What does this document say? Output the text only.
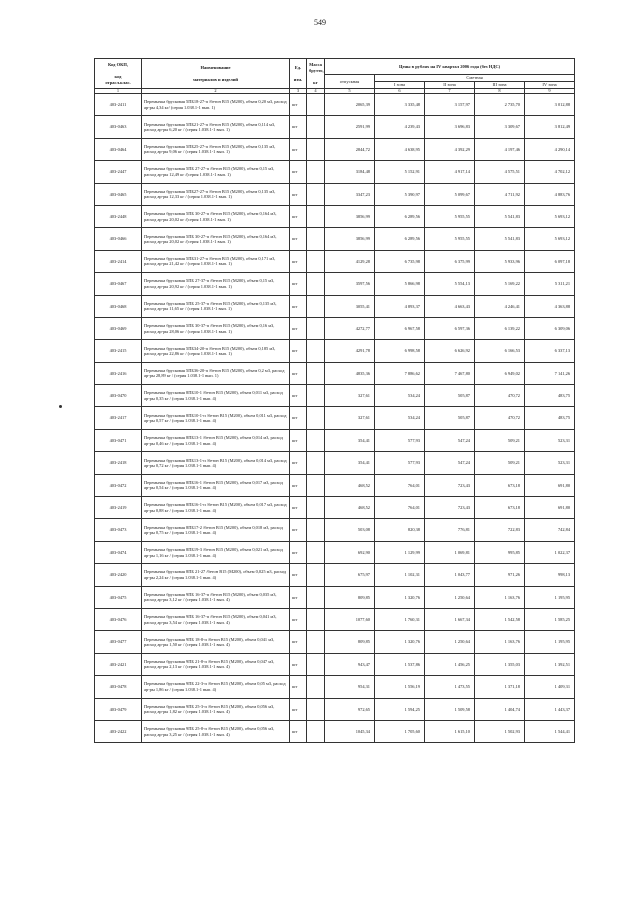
549
Код ОКП,

код
отрасл.клас.	Наименование

материалов и изделий	Ед.

изм.	Масса
брутто,

кг	Цены в рублях на IV квартал 2006 года (без НДС)				
				отпускная	Сметная			
					I зона	II зона	III зона	IV зона
1	2	3	4	5	6	7	8	9
403-2411	Перемычка брусковая 5ПБ18-27-п /бетон В15 (М200), объем 0,20 м3, расход ар-ры 4,34 кг/ (серия 1.038.1-1 вып. 1)	шт		2065,39	3 335,48	3 157,97	2 735,70	3 012,88
403-0463	Перемычка брусковая 5ПБ21-27-п /бетон В15 (М200), объем 0,114 м3, расход ар-ры 6,20 кг / (серия 1.038.1-1 вып. 1)	шт		2591,99	4 239,43	3 696,83	3 309,67	3 812,49
403-0464	Перемычка брусковая 5ПБ25-27-п /бетон В15 (М200), объем 0,135 м3, расход ар-ры 9,06 кг / (серия 1.038.1-1 вып. 1)	шт		2844,72	4 638,95	4 392,29	4 197,46	4 290,14
403-2447	Перемычка брусковая 5ПБ 27-27-п /бетон В15 (М200), объем 0,15 м3, расход ар-ры 12,49 кг /(серия 1.038.1-1 вып. 1)	шт		3184,48	5 152,91	4 917,14	4 575,51	4 702,12
403-0465	Перемычка брусковая 5ПБ27-27-п /бетон В15 (М200), объем 0,135 м3, расход ар-ры 12,33 кг / (серия 1.038.1-1 вып. 1)	шт		3347,23	5 390,97	5 099,67	4 711,92	4 883,76
403-2448	Перемычка брусковая 5ПБ 30-27-п /бетон В15 (М200), объем 0,164 м3, расход ар-ры 20,02 кг /(серия 1.038.1-1 вып. 1)	шт		3856,99	6 289,56	5 955,55	5 541,83	5 693,12
403-0466	Перемычка брусковая 5ПБ 30-27-п /бетон В15 (М200), объем 0,164 м3, расход ар-ры 20,02 кг /(серия 1.038.1-1 вып. 1)	шт		3856,99	6 289,56	5 955,55	5 541,83	5 693,12
403-2414	Перемычка брусковая 5ПБ31-27-п /бетон В15 (М200), объем 0,171 м3, расход ар-ры 21,42 кг / (серия 1.038.1-1 вып. 1)	шт		4129,28	6 735,98	6 375,99	5 933,96	6 097,18
403-0467	Перемычка брусковая 5ПБ 27-37-п /бетон В15 (М200), объем 0,15 м3, расход ар-ры 20,92 кг / (серия 1.038.1-1 вып. 1)	шт		3597,56	5 866,98	5 554,13	5 169,22	5 311,21
403-0468	Перемычка брусковая 5ПБ 25-37-п /бетон В15 (М200), объем 0,135 м3, расход ар-ры 11,65 кг / (серия 1.038.1-1 вып. 1)	шт		3055,41	4 893,37	4 663,43	4 246,41	4 363,88
403-0469	Перемычка брусковая 5ПБ 30-37-п /бетон В15 (М200), объем 0,16 м3, расход ар-ры 28,06 кг / (серия 1.038.1-1 вып. 1)	шт		4272,77	6 967,58	6 597,36	6 139,22	6 309,06
403-2415	Перемычка брусковая 5ПБ34-20-п /бетон В15 (М200), объем 0,185 м3, расход ар-ры 22,86 кг / (серия 1.038.1-1 вып. 1)	шт		4291,78	6 998,58	6 626,92	6 166,53	6 337,13
403-2416	Перемычка брусковая 5ПБ36-20-п /бетон В15 (М200), объем 0,2 м3, расход ар-ры 28,89 кг / (серия 1.038.1-1 вып. 1)	шт		4835,36	7 886,62	7 467,80	6 949,02	7 141,26
403-0470	Перемычка брусковая 8ПБ10-1 /бетон В15 (М200), объем 0,011 м3, расход ар-ры 0,35 кг / (серия 1.038.1-1 вып. 4)	шт		327,61	534,24	505,87	470,72	483,75
403-2417	Перемычка брусковая 8ПБ10-1-п /бетон В15 (М200), объем 0,011 м3, расход ар-ры 0,57 кг / (серия 1.038.1-1 вып. 4)	шт		327,61	534,24	505,87	470,72	483,75
403-0471	Перемычка брусковая 8ПБ13-1 /бетон В15 (М200), объем 0,014 м3, расход ар-ры 0,46 кг / (серия 1.038.1-1 вып. 4)	шт		354,41	577,93	547,24	509,21	523,31
403-2418	Перемычка брусковая 8ПБ13-1-п /бетон В15 (М200), объем 0,014 м3, расход ар-ры 0,72 кг / (серия 1.038.1-1 вып. 4)	шт		354,41	577,93	547,24	509,21	523,31
403-0472	Перемычка брусковая 8ПБ16-1 /бетон В15 (М200), объем 0,017 м3, расход ар-ры 0,54 кг / (серия 1.038.1-1 вып. 4)	шт		468,52	764,01	723,43	673,18	691,80
403-2419	Перемычка брусковая 8ПБ16-1-п /бетон В15 (М200), объем 0,017 м3, расход ар-ры 0,88 кг / (серия 1.038.1-1 вып. 4)	шт		468,52	764,01	723,43	673,18	691,80
403-0473	Перемычка брусковая 8ПБ17-2 /бетон В15 (М200), объем 0,018 м3, расход ар-ры 0,75 кг / (серия 1.038.1-1 вып. 4)	шт		503,08	820,38	776,81	722,83	742,84
403-0474	Перемычка брусковая 8ПБ19-3 /бетон В15 (М200), объем 0,021 м3, расход ар-ры 1,16 кг / (серия 1.038.1-1 вып. 4)	шт		692,90	1 129,99	1 069,81	995,85	1 022,37
403-2420	Перемычка брусковая 8ПБ 21-27 /бетон В15 (М200), объем 0,025 м3, расход ар-ры 2,24 кг / (серия 1.038.1-1 вып. 4)	шт		675,97	1 102,31	1 043,77	971,26	998,13
403-0475	Перемычка брусковая 9ПБ 16-37-п /бетон В15 (М200), объем 0,035 м3, расход ар-ры 3,12 кг / (серия 1.038.1-1 вып. 4)	шт		809,85	1 320,76	1 250,64	1 163,76	1 195,95
403-0476	Перемычка брусковая 9ПБ 16-37-п /бетон В15 (М200), объем 0,041 м3, расход ар-ры 3,54 кг / (серия 1.038.1-1 вып. 4)	шт		1077,60	1 760,31	1 667,34	1 542,58	1 585,25
403-0477	Перемычка брусковая 9ПБ 18-8-п /бетон В15 (М200), объем 0,041 м3, расход ар-ры 1,50 кг / (серия 1.038.1-1 вып. 4)	шт		809,85	1 320,76	1 250,64	1 163,76	1 195,95
403-2421	Перемычка брусковая 9ПБ 21-8-п /бетон В15 (М200), объем 0,047 м3, расход ар-ры 2,13 кг / (серия 1.038.1-1 вып. 4)	шт		943,47	1 537,86	1 456,25	1 355,03	1 392,51
403-0478	Перемычка брусковая 9ПБ 22-3-п /бетон В15 (М200), объем 0,05 м3, расход ар-ры 1,86 кг / (серия 1.038.1-1 вып. 4)	шт		954,31	1 556,19	1 473,55	1 371,18	1 409,31
403-0479	Перемычка брусковая 9ПБ 25-3-п /бетон В15 (М200), объем 0,056 м3, расход ар-ры 1,82 кг / (серия 1.038.1-1 вып. 4)	шт		972,65	1 594,25	1 509,58	1 404,74	1 443,37
403-2422	Перемычка брусковая 9ПБ 25-8-п /бетон В15 (М200), объем 0,056 м3, расход ар-ры 3,25 кг / (серия 1.038.1-1 вып. 4)	шт		1045,34	1 705,60	1 615,10	1 502,93	1 544,41
